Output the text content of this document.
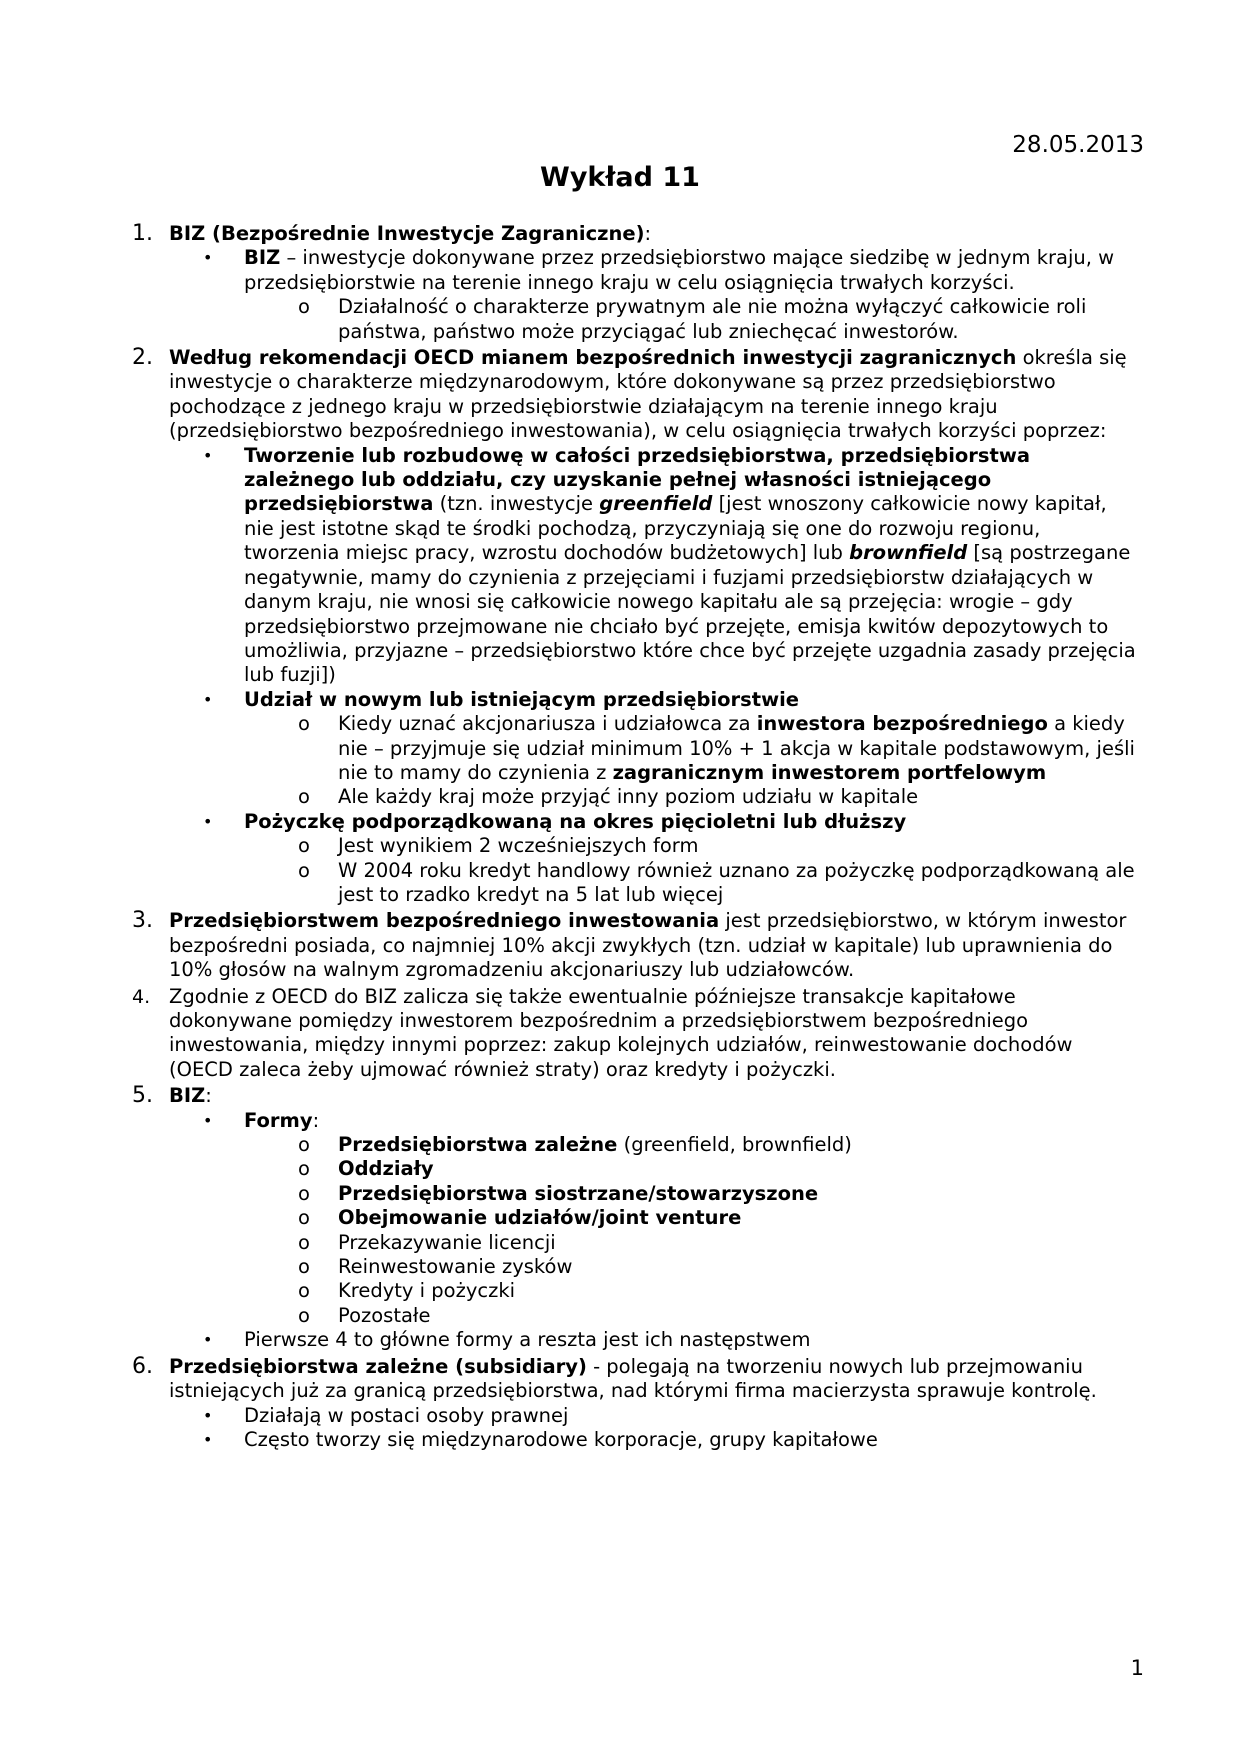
28.05.2013
Wykład 11
1. BIZ (Bezpośrednie Inwestycje Zagraniczne):
• BIZ – inwestycje dokonywane przez przedsiębiorstwo mające siedzibę w jednym kraju, w przedsiębiorstwie na terenie innego kraju w celu osiągnięcia trwałych korzyści.
o Działalność o charakterze prywatnym ale nie można wyłączyć całkowicie roli państwa, państwo może przyciągać lub zniechęcać inwestorów.
2. Według rekomendacji OECD mianem bezpośrednich inwestycji zagranicznych określa się inwestycje o charakterze międzynarodowym, które dokonywane są przez przedsiębiorstwo pochodzące z jednego kraju w przedsiębiorstwie działającym na terenie innego kraju (przedsiębiorstwo bezpośredniego inwestowania), w celu osiągnięcia trwałych korzyści poprzez:
• Tworzenie lub rozbudowę w całości przedsiębiorstwa, przedsiębiorstwa zależnego lub oddziału, czy uzyskanie pełnej własności istniejącego przedsiębiorstwa (tzn. inwestycje greenfield [jest wnoszony całkowicie nowy kapitał, nie jest istotne skąd te środki pochodzą, przyczyniają się one do rozwoju regionu, tworzenia miejsc pracy, wzrostu dochodów budżetowych] lub brownfield [są postrzegane negatywnie, mamy do czynienia z przejęciami i fuzjami przedsiębiorstw działających w danym kraju, nie wnosi się całkowicie nowego kapitału ale są przejęcia: wrogie – gdy przedsiębiorstwo przejmowane nie chciało być przejęte, emisja kwitów depozytowych to umożliwia, przyjazne – przedsiębiorstwo które chce być przejęte uzgadnia zasady przejęcia lub fuzji])
• Udział w nowym lub istniejącym przedsiębiorstwie
o Kiedy uznać akcjonariusza i udziałowca za inwestora bezpośredniego a kiedy nie – przyjmuje się udział minimum 10% + 1 akcja w kapitale podstawowym, jeśli nie to mamy do czynienia z zagranicznym inwestorem portfelowym
o Ale każdy kraj może przyjąć inny poziom udziału w kapitale
• Pożyczkę podporządkowaną na okres pięcioletni lub dłuższy
o Jest wynikiem 2 wcześniejszych form
o W 2004 roku kredyt handlowy również uznano za pożyczkę podporządkowaną ale jest to rzadko kredyt na 5 lat lub więcej
3. Przedsiębiorstwem bezpośredniego inwestowania jest przedsiębiorstwo, w którym inwestor bezpośredni posiada, co najmniej 10% akcji zwykłych (tzn. udział w kapitale) lub uprawnienia do 10% głosów na walnym zgromadzeniu akcjonariuszy lub udziałowców.
4. Zgodnie z OECD do BIZ zalicza się także ewentualnie późniejsze transakcje kapitałowe dokonywane pomiędzy inwestorem bezpośrednim a przedsiębiorstwem bezpośredniego inwestowania, między innymi poprzez: zakup kolejnych udziałów, reinwestowanie dochodów (OECD zaleca żeby ujmować również straty) oraz kredyty i pożyczki.
5. BIZ:
• Formy:
o Przedsiębiorstwa zależne (greenfield, brownfield)
o Oddziały
o Przedsiębiorstwa siostrzane/stowarzyszone
o Obejmowanie udziałów/joint venture
o Przekazywanie licencji
o Reinwestowanie zysków
o Kredyty i pożyczki
o Pozostałe
• Pierwsze 4 to główne formy a reszta jest ich następstwem
6. Przedsiębiorstwa zależne (subsidiary) - polegają na tworzeniu nowych lub przejmowaniu istniejących już za granicą przedsiębiorstwa, nad którymi firma macierzysta sprawuje kontrolę.
• Działają w postaci osoby prawnej
• Często tworzy się międzynarodowe korporacje, grupy kapitałowe
1
